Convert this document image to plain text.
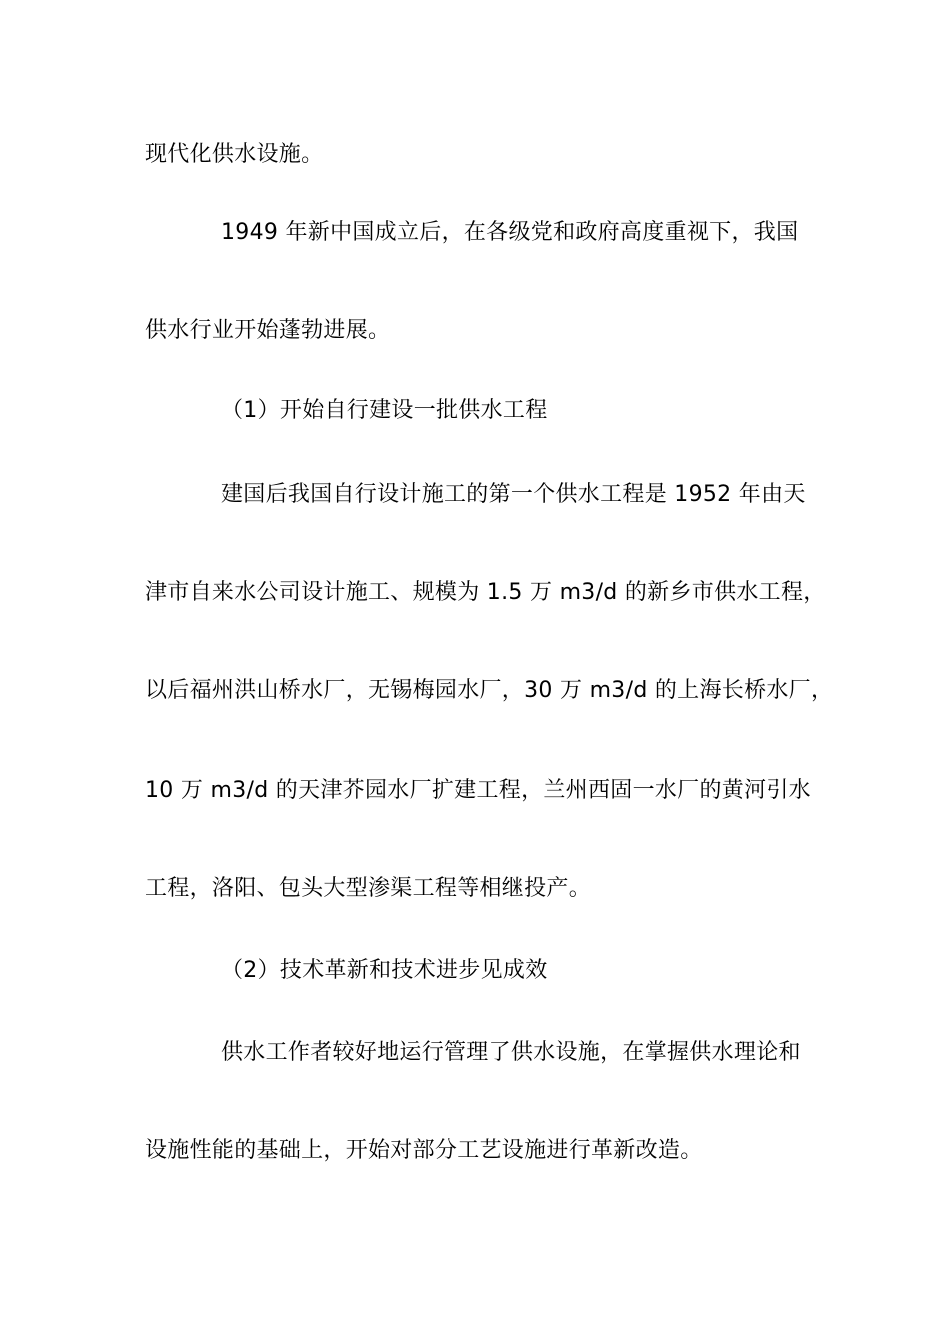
现代化供水设施。
1949 年新中国成立后，在各级党和政府高度重视下，我国
供水行业开始蓬勃进展。
（1）开始自行建设一批供水工程
建国后我国自行设计施工的第一个供水工程是 1952 年由天
津市自来水公司设计施工、规模为 1.5 万 m3/d 的新乡市供水工程，
以后福州洪山桥水厂，无锡梅园水厂，30 万 m3/d 的上海长桥水厂，
10 万 m3/d 的天津芥园水厂扩建工程，兰州西固一水厂的黄河引水
工程，洛阳、包头大型渗渠工程等相继投产。
（2）技术革新和技术进步见成效
供水工作者较好地运行管理了供水设施，在掌握供水理论和
设施性能的基础上，开始对部分工艺设施进行革新改造。
